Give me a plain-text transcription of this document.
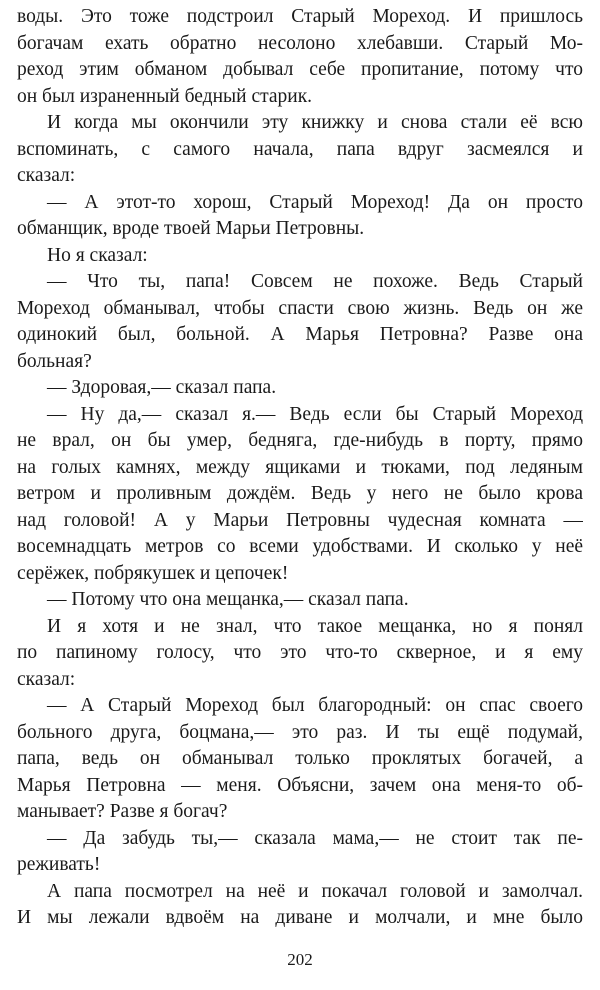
воды. Это тоже подстроил Старый Мореход. И пришлось
богачам ехать обратно несолоно хлебавши. Старый Мо-
реход этим обманом добывал себе пропитание, потому что
он был израненный бедный старик.
И когда мы окончили эту книжку и снова стали её всю
вспоминать, с самого начала, папа вдруг засмеялся и
сказал:
— А этот-то хорош, Старый Мореход! Да он просто
обманщик, вроде твоей Марьи Петровны.
Но я сказал:
— Что ты, папа! Совсем не похоже. Ведь Старый
Мореход обманывал, чтобы спасти свою жизнь. Ведь он же
одинокий был, больной. А Марья Петровна? Разве она
больная?
— Здоровая,— сказал папа.
— Ну да,— сказал я.— Ведь если бы Старый Мореход
не врал, он бы умер, бедняга, где-нибудь в порту, прямо
на голых камнях, между ящиками и тюками, под ледяным
ветром и проливным дождём. Ведь у него не было крова
над головой! А у Марьи Петровны чудесная комната —
восемнадцать метров со всеми удобствами. И сколько у неё
серёжек, побрякушек и цепочек!
— Потому что она мещанка,— сказал папа.
И я хотя и не знал, что такое мещанка, но я понял
по папиному голосу, что это что-то скверное, и я ему
сказал:
— А Старый Мореход был благородный: он спас своего
больного друга, боцмана,— это раз. И ты ещё подумай,
папа, ведь он обманывал только проклятых богачей, а
Марья Петровна — меня. Объясни, зачем она меня-то об-
манывает? Разве я богач?
— Да забудь ты,— сказала мама,— не стоит так пе-
реживать!
А папа посмотрел на неё и покачал головой и замолчал.
И мы лежали вдвоём на диване и молчали, и мне было
202
